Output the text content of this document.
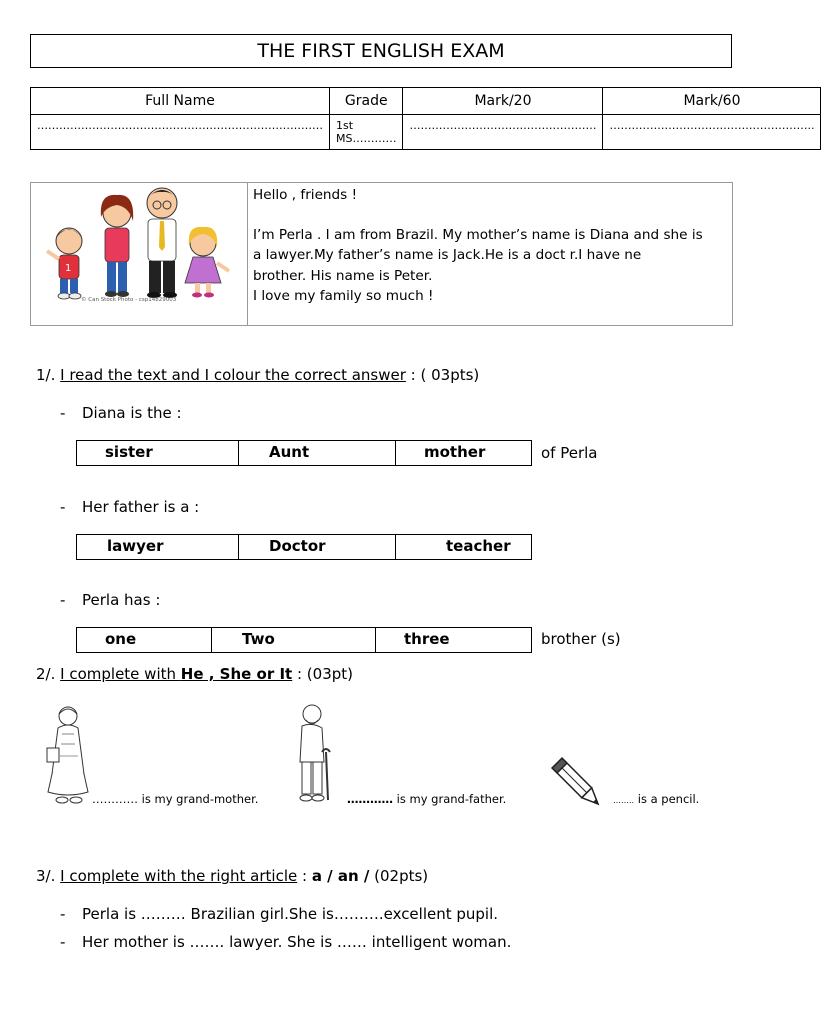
THE FIRST ENGLISH EXAM
Full Name	Grade	Mark/20	Mark/60
……………………………………………………………………	1st MS…………	……………………………………………	………………………………………………..
1
© Can Stock Photo - csp14829003
Hello , friends !
I’m Perla . I am from Brazil. My mother’s name is Diana and she is
a lawyer.My father’s name is Jack.He is a doct r.I have ne
brother. His name is Peter.
I love my family so much !
1/. I read the text and I colour the correct answer : ( 03pts)
- Diana is the :
sister	Aunt	mother	of Perla
- Her father is a :
lawyer	Doctor	teacher
- Perla has :
one	Two	three	brother (s)
2/. I complete with He , She or It : (03pt)
………… is my grand-mother.	………… is my grand-father.	…….. is a pencil.
3/. I complete with the right article : a / an / (02pts)
- Perla is ……… Brazilian girl.She is……….excellent pupil.
- Her mother is ……. lawyer. She is …… intelligent woman.
